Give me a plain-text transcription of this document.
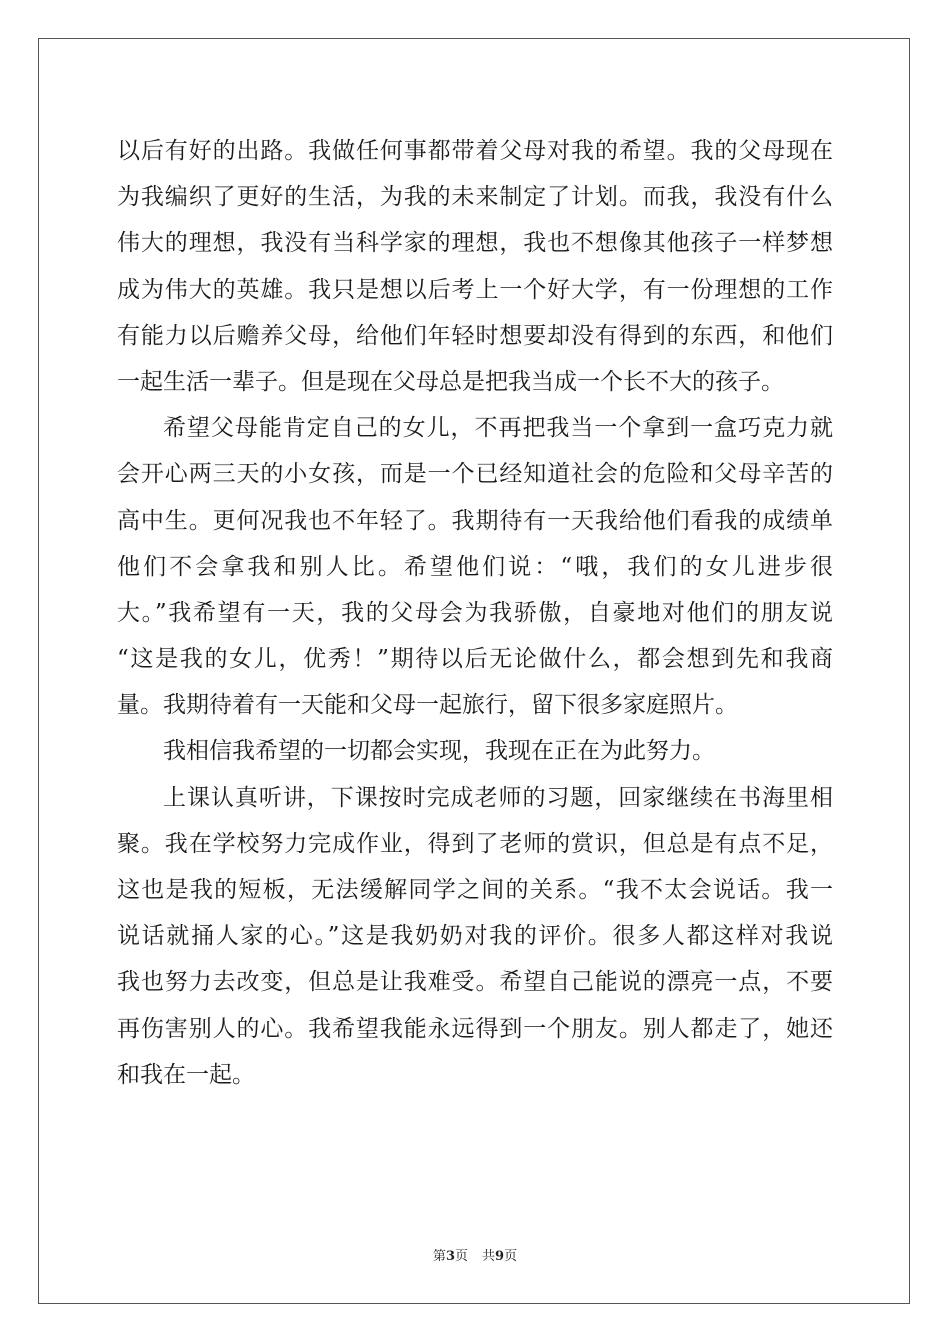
以后有好的出路。我做任何事都带着父母对我的希望。我的父母现在
为我编织了更好的生活，为我的未来制定了计划。而我，我没有什么
伟大的理想，我没有当科学家的理想，我也不想像其他孩子一样梦想
成为伟大的英雄。我只是想以后考上一个好大学，有一份理想的工作
有能力以后赡养父母，给他们年轻时想要却没有得到的东西，和他们
一起生活一辈子。但是现在父母总是把我当成一个长不大的孩子。
希望父母能肯定自己的女儿，不再把我当一个拿到一盒巧克力就
会开心两三天的小女孩，而是一个已经知道社会的危险和父母辛苦的
高中生。更何况我也不年轻了。我期待有一天我给他们看我的成绩单
他们不会拿我和别人比。希望他们说：“哦，我们的女儿进步很
大。”我希望有一天，我的父母会为我骄傲，自豪地对他们的朋友说
“这是我的女儿，优秀！”期待以后无论做什么，都会想到先和我商
量。我期待着有一天能和父母一起旅行，留下很多家庭照片。
我相信我希望的一切都会实现，我现在正在为此努力。
上课认真听讲，下课按时完成老师的习题，回家继续在书海里相
聚。我在学校努力完成作业，得到了老师的赏识，但总是有点不足，
这也是我的短板，无法缓解同学之间的关系。“我不太会说话。我一
说话就捅人家的心。”这是我奶奶对我的评价。很多人都这样对我说
我也努力去改变，但总是让我难受。希望自己能说的漂亮一点，不要
再伤害别人的心。我希望我能永远得到一个朋友。别人都走了，她还
和我在一起。
第3页 共9页
